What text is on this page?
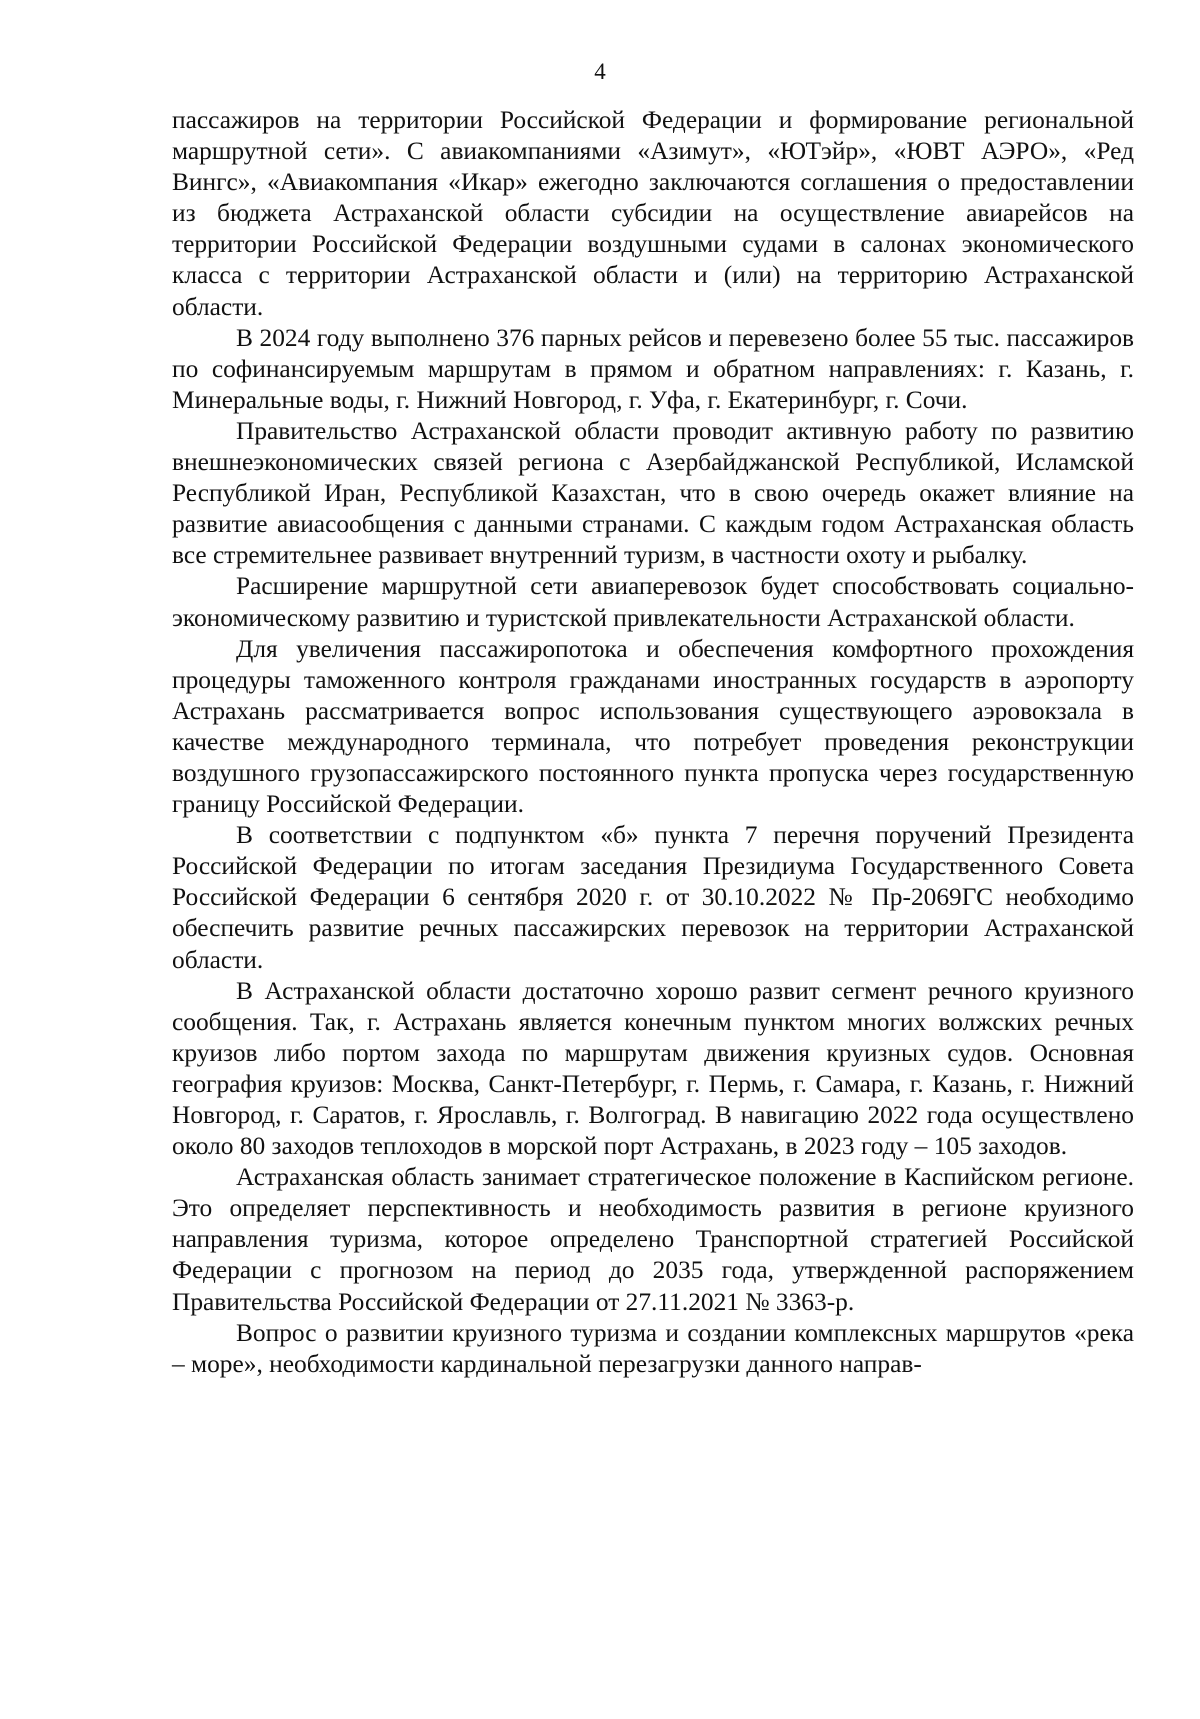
4

пассажиров на территории Российской Федерации и формирование региональной маршрутной сети». С авиакомпаниями «Азимут», «ЮТэйр», «ЮВТ АЭРО», «Ред Вингс», «Авиакомпания «Икар» ежегодно заключаются соглашения о предоставлении из бюджета Астраханской области субсидии на осуществление авиарейсов на территории Российской Федерации воздушными судами в салонах экономического класса с территории Астраханской области и (или) на территорию Астраханской области.

В 2024 году выполнено 376 парных рейсов и перевезено более 55 тыс. пассажиров по софинансируемым маршрутам в прямом и обратном направлениях: г. Казань, г. Минеральные воды, г. Нижний Новгород, г. Уфа, г. Екатеринбург, г. Сочи.

Правительство Астраханской области проводит активную работу по развитию внешнеэкономических связей региона с Азербайджанской Республикой, Исламской Республикой Иран, Республикой Казахстан, что в свою очередь окажет влияние на развитие авиасообщения с данными странами. С каждым годом Астраханская область все стремительнее развивает внутренний туризм, в частности охоту и рыбалку.

Расширение маршрутной сети авиаперевозок будет способствовать социально-экономическому развитию и туристской привлекательности Астраханской области.

Для увеличения пассажиропотока и обеспечения комфортного прохождения процедуры таможенного контроля гражданами иностранных государств в аэропорту Астрахань рассматривается вопрос использования существующего аэровокзала в качестве международного терминала, что потребует проведения реконструкции воздушного грузопассажирского постоянного пункта пропуска через государственную границу Российской Федерации.

В соответствии с подпунктом «б» пункта 7 перечня поручений Президента Российской Федерации по итогам заседания Президиума Государственного Совета Российской Федерации 6 сентября 2020 г. от 30.10.2022 № Пр-2069ГС необходимо обеспечить развитие речных пассажирских перевозок на территории Астраханской области.

В Астраханской области достаточно хорошо развит сегмент речного круизного сообщения. Так, г. Астрахань является конечным пунктом многих волжских речных круизов либо портом захода по маршрутам движения круизных судов. Основная география круизов: Москва, Санкт-Петербург, г. Пермь, г. Самара, г. Казань, г. Нижний Новгород, г. Саратов, г. Ярославль, г. Волгоград. В навигацию 2022 года осуществлено около 80 заходов теплоходов в морской порт Астрахань, в 2023 году – 105 заходов.

Астраханская область занимает стратегическое положение в Каспийском регионе. Это определяет перспективность и необходимость развития в регионе круизного направления туризма, которое определено Транспортной стратегией Российской Федерации с прогнозом на период до 2035 года, утвержденной распоряжением Правительства Российской Федерации от 27.11.2021 № 3363-р.

Вопрос о развитии круизного туризма и создании комплексных маршрутов «река – море», необходимости кардинальной перезагрузки данного направ-
